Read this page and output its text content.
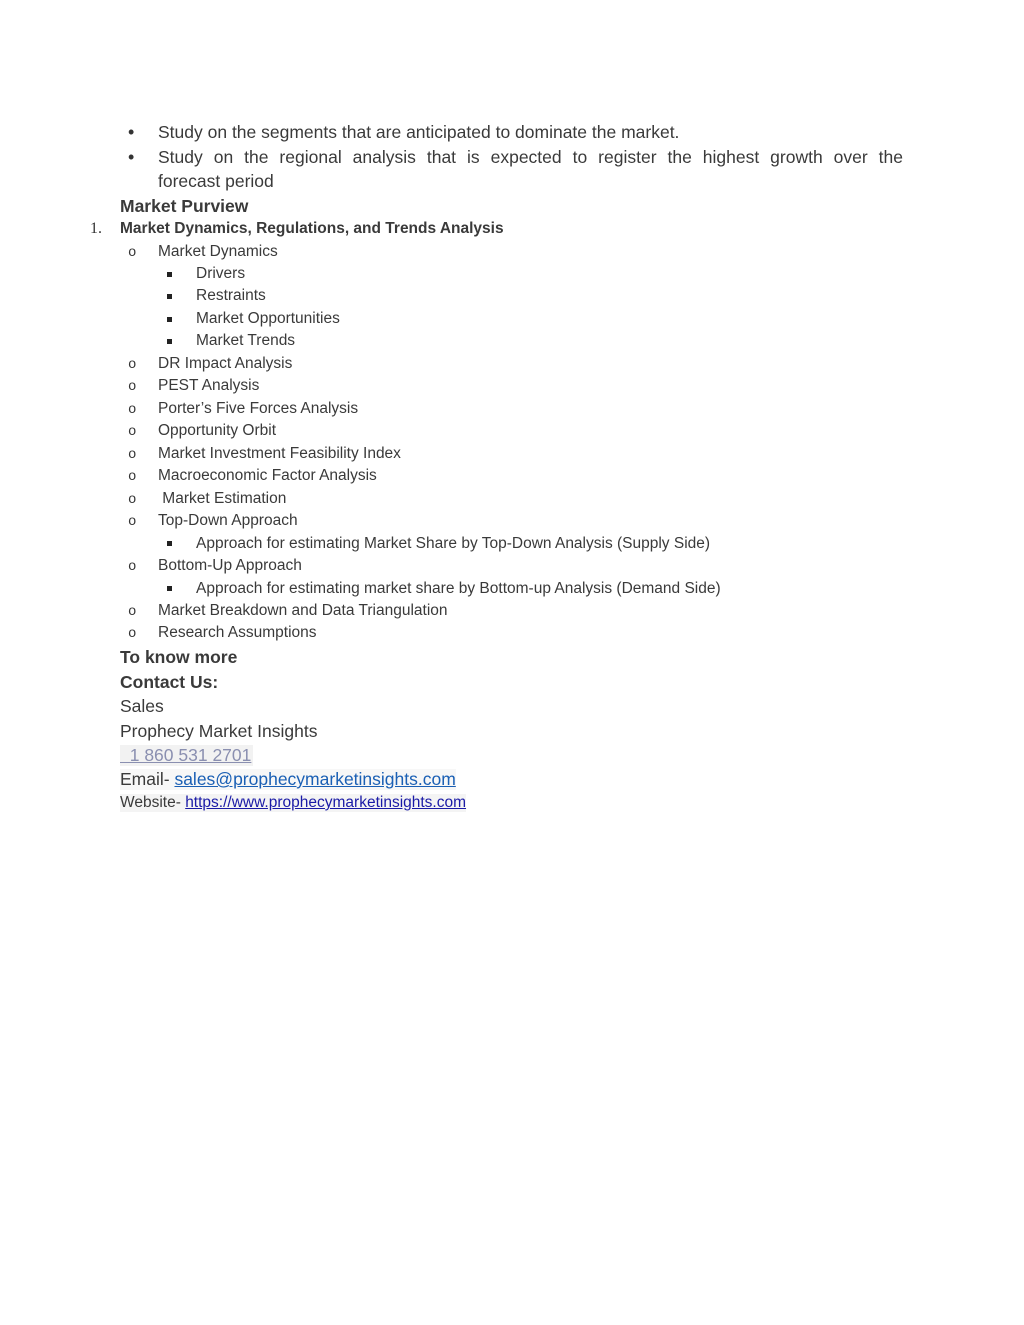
• Study on the segments that are anticipated to dominate the market.
• Study on the regional analysis that is expected to register the highest growth over the
forecast period
Market Purview
1. Market Dynamics, Regulations, and Trends Analysis
o Market Dynamics
Drivers
Restraints
Market Opportunities
Market Trends
o DR Impact Analysis
o PEST Analysis
o Porter’s Five Forces Analysis
o Opportunity Orbit
o Market Investment Feasibility Index
o Macroeconomic Factor Analysis
o Market Estimation
o Top-Down Approach
Approach for estimating Market Share by Top-Down Analysis (Supply Side)
o Bottom-Up Approach
Approach for estimating market share by Bottom-up Analysis (Demand Side)
o Market Breakdown and Data Triangulation
o Research Assumptions
To know more
Contact Us:
Sales
Prophecy Market Insights
1 860 531 2701
Email- sales@prophecymarketinsights.com
Website- https://www.prophecymarketinsights.com
